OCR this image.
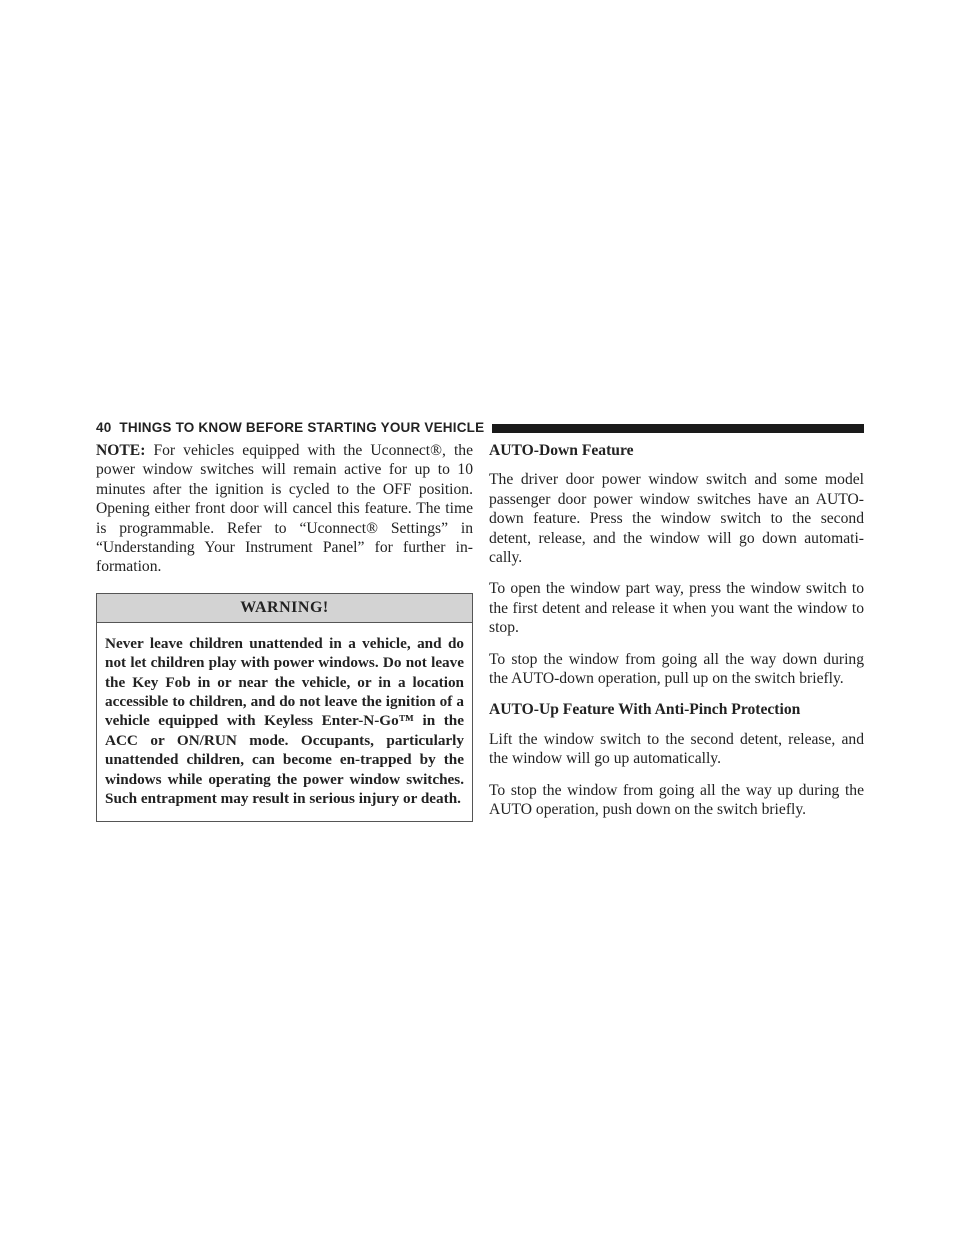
40 THINGS TO KNOW BEFORE STARTING YOUR VEHICLE

NOTE: For vehicles equipped with the Uconnect®, the power window switches will remain active for up to 10 minutes after the ignition is cycled to the OFF position. Opening either front door will cancel this feature. The time is programmable. Refer to “Uconnect® Settings” in “Understanding Your Instrument Panel” for further in-formation.

WARNING!
Never leave children unattended in a vehicle, and do not let children play with power windows. Do not leave the Key Fob in or near the vehicle, or in a location accessible to children, and do not leave the ignition of a vehicle equipped with Keyless Enter-N-Go™ in the ACC or ON/RUN mode. Occupants, particularly unattended children, can become en-trapped by the windows while operating the power window switches. Such entrapment may result in serious injury or death.
AUTO-Down Feature

The driver door power window switch and some model passenger door power window switches have an AUTO-down feature. Press the window switch to the second detent, release, and the window will go down automati-cally.

To open the window part way, press the window switch to the first detent and release it when you want the window to stop.

To stop the window from going all the way down during the AUTO-down operation, pull up on the switch briefly.

AUTO-Up Feature With Anti-Pinch Protection

Lift the window switch to the second detent, release, and the window will go up automatically.

To stop the window from going all the way up during the AUTO operation, push down on the switch briefly.
